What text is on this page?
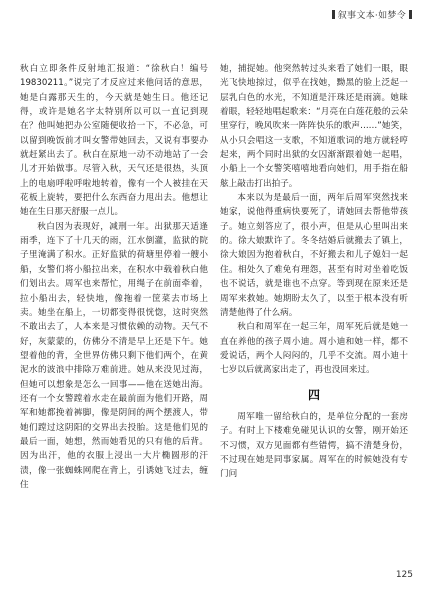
叙事文本·如梦令

秋白立即条件反射地汇报道：“徐秋白！编号19830211。”说完了才反应过来他问话的意思，她是白露那天生的，今天就是她生日。他还记得，或许是她名字太特别所以可以一直记到现在？他叫她把办公室随便收拾一下，不必急，可以留到晚饭前才叫女警带她回去，又说有事要办就赶紧出去了。秋白在原地一动不动地站了一会儿才开始做事。尽管入秋，天气还是很热，头顶上的电扇呼啦呼啦地转着，像有一个人被挂在天花板上旋转，要把什么东西奋力甩出去。他想让她在生日那天舒服一点儿。

秋白因为表现好，减刑一年。出狱那天适逢雨季，连下了十几天的雨，江水倒灌，监狱的院子里淹满了积水。正好监狱的荷塘里停着一艘小船，女警们将小船拉出来，在积水中载着秋白他们划出去。周军也来帮忙，用绳子在前面牵着，拉小船出去，轻快地，像拖着一筐菜去市场上卖。她坐在船上，一切都变得很恍惚，这时突然不敢出去了，人本来是习惯依赖的动物。天气不好，灰蒙蒙的，仿佛分不清是早上还是下午。她望着他的背，全世界仿佛只剩下他们两个，在黄泥水的波浪中排除万难前进。她从来没见过海，但她可以想象是怎么一回事——他在送她出海。还有一个女警蹚着水走在最前面为他们开路，周军和她都挽着裤脚，像是阴间的两个摆渡人，带她们蹚过这阴阳的交界出去投胎。这是他们见的最后一面，她想，然而她看见的只有他的后背。因为出汗，他的衣服上浸出一大片椭圆形的汗渍，像一张蜘蛛网爬在背上，引诱她飞过去，缠住

她，捕捉她。他突然转过头来看了她们一眼，眼光飞快地掠过，似乎在找她，黝黑的脸上泛起一层乳白色的水光，不知道是汗珠还是雨滴。她昧着眼，轻轻地唱起歌来：“月亮在白莲花般的云朵里穿行，晚风吹来一阵阵快乐的歌声……”她笑，从小只会唱这一支歌，不知道歌词的地方就轻哼起来，两个同时出狱的女囚渐渐跟着她一起唱，小船上一个女警笑嘻嘻地看向她们，用手指在船舷上敲击打出拍子。

本来以为是最后一面，两年后周军突然找来她家，说他得重病快要死了，请她回去帮他带孩子。她立刻答应了，很小声，但是从心里叫出来的。徐大娘默许了。冬冬结婚后就搬去了镇上，徐大娘因为抱着秋白，不好搬去和儿子媳妇一起住。相处久了难免有理怨，甚至有时对坐着吃饭也不说话，就是谁也不点穿。等到现在原来还是周军来救她。她期盼太久了，以至于根本没有听清楚他得了什么病。

秋白和周军在一起三年，周军死后就是她一直在养他的孩子周小迪。周小迪和她一样，都不爱说话，两个人闷闷的，几乎不交流。周小迪十七岁以后就离家出走了，再也没回来过。

四

周军唯一留给秋白的，是单位分配的一套房子。有时上下楼难免碰见认识的女警，刚开始还不习惯，双方见面都有些错愕，搞不清楚身份，不过现在她是同事家属。周军在的时候她没有专门问

125
